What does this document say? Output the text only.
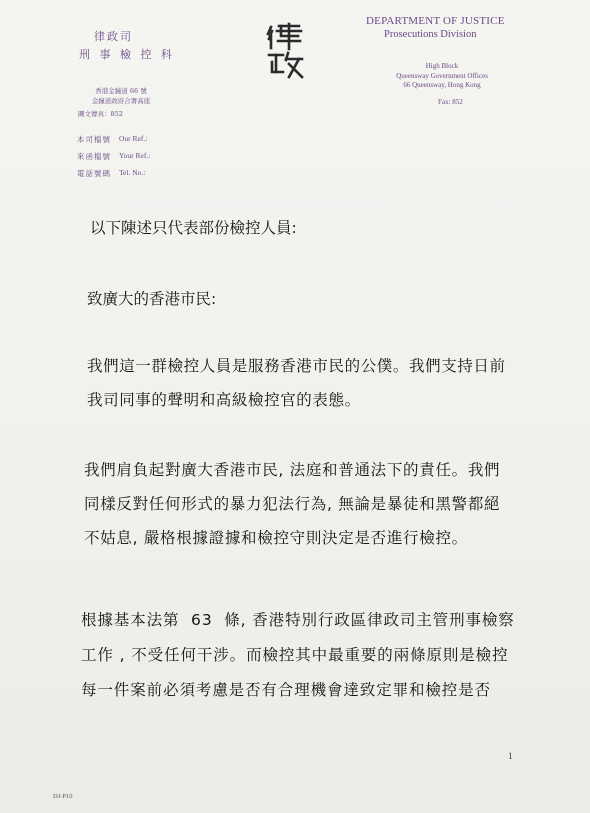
律政司
刑 事 檢 控 科
香港金鐘道 66 號
金鐘道政府合署高座
圖文傳真：852
DEPARTMENT OF JUSTICE
Prosecutions Division
High Block
Queensway Government Offices
66 Queensway, Hong Kong
Fax: 852
本司檔號 Our Ref.:
來函檔號 Your Ref.:
電話號碼 Tel. No.:
以下陳述只代表部份檢控人員:
致廣大的香港市民:
我們這一群檢控人員是服務香港市民的公僕。我們支持日前
我司同事的聲明和高級檢控官的表態。
我們肩負起對廣大香港市民, 法庭和普通法下的責任。我們
同樣反對任何形式的暴力犯法行為, 無論是暴徒和黑警都絕
不姑息, 嚴格根據證據和檢控守則決定是否進行檢控。
根據基本法第  63  條, 香港特別行政區律政司主管刑事檢察
工作 , 不受任何干涉。而檢控其中最重要的兩條原則是檢控
每一件案前必須考慮是否有合理機會達致定罪和檢控是否
1
DJ-P10
